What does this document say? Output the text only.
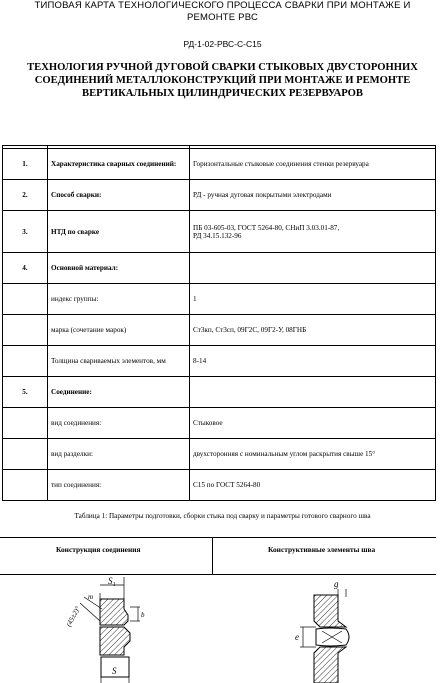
ТИПОВАЯ КАРТА ТЕХНОЛОГИЧЕСКОГО ПРОЦЕССА СВАРКИ ПРИ МОНТАЖЕ И
РЕМОНТЕ РВС
РД-1-02-РВС-С-С15
ТЕХНОЛОГИЯ РУЧНОЙ ДУГОВОЙ СВАРКИ СТЫКОВЫХ ДВУСТОРОННИХ
СОЕДИНЕНИЙ МЕТАЛЛОКОНСТРУКЦИЙ ПРИ МОНТАЖЕ И РЕМОНТЕ
ВЕРТИКАЛЬНЫХ ЦИЛИНДРИЧЕСКИХ РЕЗЕРВУАРОВ

1.	Характеристика сварных соединений:	Горизонтальные стыковые соединения стенки резервуара

2.	Способ сварки:	РД - ручная дуговая покрытыми электродами

3.	НТД по сварке	ПБ 03-605-03, ГОСТ 5264-80, СНиП 3.03.01-87,
РД 34.15.132-96

4.	Основной материал:	

	индекс группы:	1

	марка (сочетание марок)	Ст3кп, Ст3сп, 09Г2С, 09Г2-У, 08ГНБ

	Толщина свариваемых элементов, мм	8-14

5.	Соединение:	

	вид соединения:	Стыковое

	вид разделки:	двухсторонняя с номинальным углом раскрытия свыше 15°

	тип соединения:	С15 по ГОСТ 5264-80
Таблица 1: Параметры подготовки, сборки стыка под сварку и параметры готового сварного шва
Конструкция соединения	Конструктивные элементы шва
S₁
S
(45±2)°
m
b
g
e
